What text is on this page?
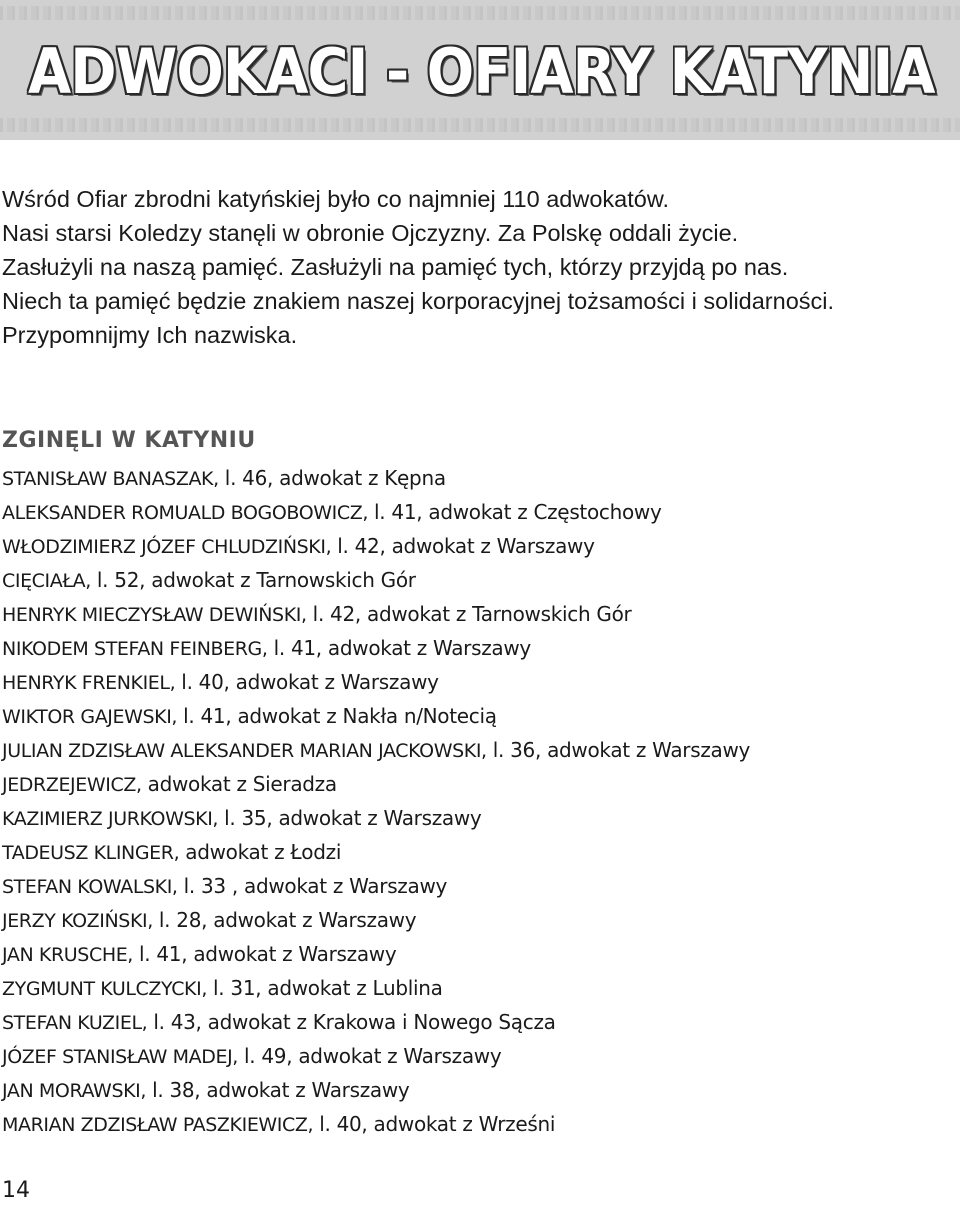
ADWOKACI - OFIARY KATYNIA
Wśród Ofiar zbrodni katyńskiej było co najmniej 110 adwokatów.
Nasi starsi Koledzy stanęli w obronie Ojczyzny. Za Polskę oddali życie.
Zasłużyli na naszą pamięć. Zasłużyli na pamięć tych, którzy przyjdą po nas.
Niech ta pamięć będzie znakiem naszej korporacyjnej tożsamości i solidarności.
Przypomnijmy Ich nazwiska.
ZGINĘLI W KATYNIU
STANISŁAW BANASZAK, l. 46, adwokat z Kępna
ALEKSANDER ROMUALD BOGOBOWICZ, l. 41, adwokat z Częstochowy
WŁODZIMIERZ JÓZEF CHLUDZIŃSKI, l. 42, adwokat z Warszawy
CIĘCIAŁA, l. 52, adwokat z Tarnowskich Gór
HENRYK MIECZYSŁAW DEWIŃSKI, l. 42, adwokat z Tarnowskich Gór
NIKODEM STEFAN FEINBERG, l. 41, adwokat z Warszawy
HENRYK FRENKIEL, l. 40, adwokat z Warszawy
WIKTOR GAJEWSKI, l. 41, adwokat z Nakła n/Notecią
JULIAN ZDZISŁAW ALEKSANDER MARIAN JACKOWSKI, l. 36, adwokat z Warszawy
JEDRZEJEWICZ, adwokat z Sieradza
KAZIMIERZ JURKOWSKI, l. 35, adwokat z Warszawy
TADEUSZ KLINGER, adwokat z Łodzi
STEFAN KOWALSKI, l. 33 , adwokat z Warszawy
JERZY KOZIŃSKI, l. 28, adwokat z Warszawy
JAN KRUSCHE, l. 41, adwokat z Warszawy
ZYGMUNT KULCZYCKI, l. 31, adwokat z Lublina
STEFAN KUZIEL, l. 43, adwokat z Krakowa i Nowego Sącza
JÓZEF STANISŁAW MADEJ, l. 49, adwokat z Warszawy
JAN MORAWSKI, l. 38, adwokat z Warszawy
MARIAN ZDZISŁAW PASZKIEWICZ, l. 40, adwokat z Wrześni
14
